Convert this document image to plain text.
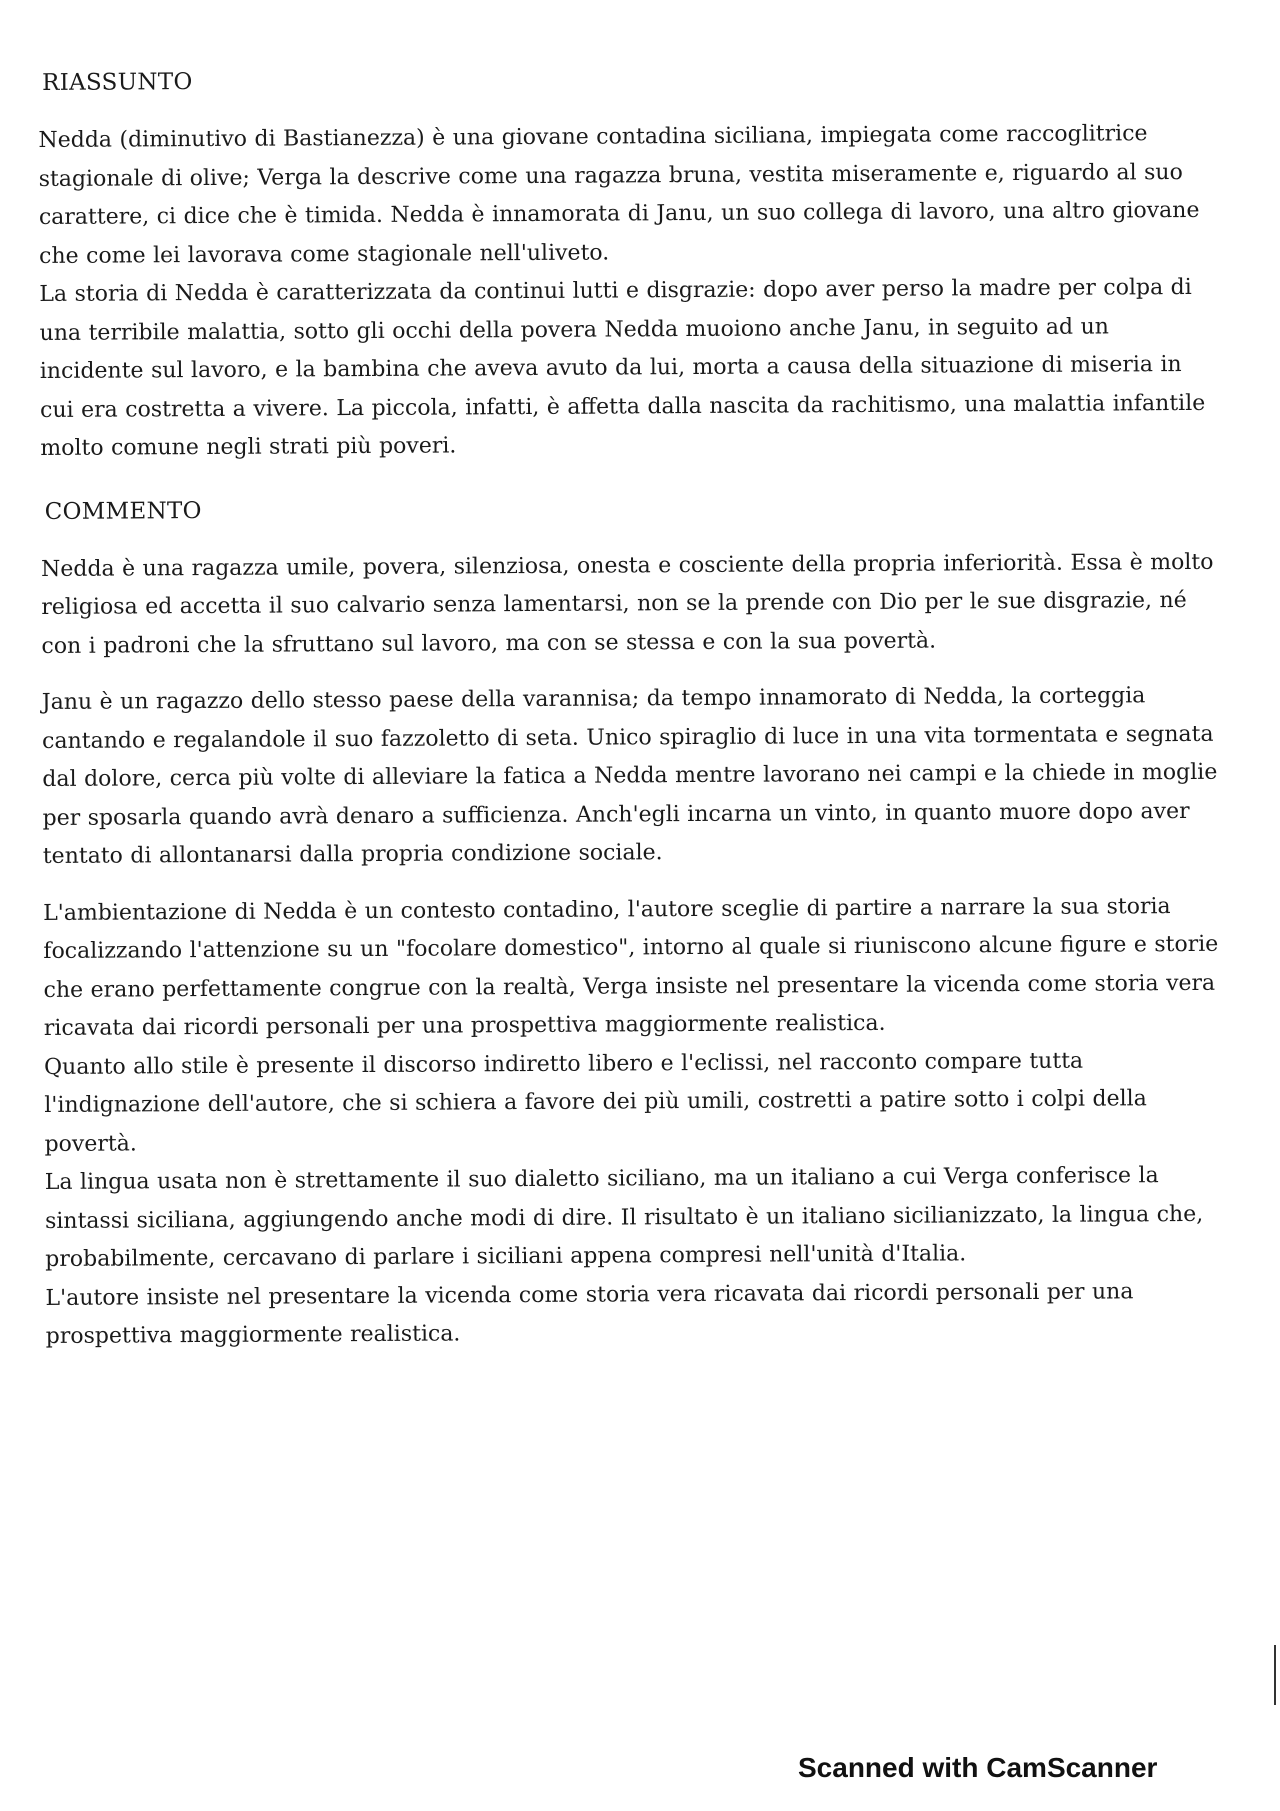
RIASSUNTO

Nedda (diminutivo di Bastianezza) è una giovane contadina siciliana, impiegata come raccoglitrice stagionale di olive; Verga la descrive come una ragazza bruna, vestita miseramente e, riguardo al suo carattere, ci dice che è timida. Nedda è innamorata di Janu, un suo collega di lavoro, una altro giovane che come lei lavorava come stagionale nell'uliveto.

La storia di Nedda è caratterizzata da continui lutti e disgrazie: dopo aver perso la madre per colpa di una terribile malattia, sotto gli occhi della povera Nedda muoiono anche Janu, in seguito ad un incidente sul lavoro, e la bambina che aveva avuto da lui, morta a causa della situazione di miseria in cui era costretta a vivere. La piccola, infatti, è affetta dalla nascita da rachitismo, una malattia infantile molto comune negli strati più poveri.

COMMENTO

Nedda è una ragazza umile, povera, silenziosa, onesta e cosciente della propria inferiorità. Essa è molto religiosa ed accetta il suo calvario senza lamentarsi, non se la prende con Dio per le sue disgrazie, né con i padroni che la sfruttano sul lavoro, ma con se stessa e con la sua povertà.

Janu è un ragazzo dello stesso paese della varannisa; da tempo innamorato di Nedda, la corteggia cantando e regalandole il suo fazzoletto di seta. Unico spiraglio di luce in una vita tormentata e segnata dal dolore, cerca più volte di alleviare la fatica a Nedda mentre lavorano nei campi e la chiede in moglie per sposarla quando avrà denaro a sufficienza. Anch'egli incarna un vinto, in quanto muore dopo aver tentato di allontanarsi dalla propria condizione sociale.

L'ambientazione di Nedda è un contesto contadino, l'autore sceglie di partire a narrare la sua storia focalizzando l'attenzione su un "focolare domestico", intorno al quale si riuniscono alcune figure e storie che erano perfettamente congrue con la realtà, Verga insiste nel presentare la vicenda come storia vera ricavata dai ricordi personali per una prospettiva maggiormente realistica.

Quanto allo stile è presente il discorso indiretto libero e l'eclissi, nel racconto compare tutta l'indignazione dell'autore, che si schiera a favore dei più umili, costretti a patire sotto i colpi della povertà.

La lingua usata non è strettamente il suo dialetto siciliano, ma un italiano a cui Verga conferisce la sintassi siciliana, aggiungendo anche modi di dire. Il risultato è un italiano sicilianizzato, la lingua che, probabilmente, cercavano di parlare i siciliani appena compresi nell'unità d'Italia.

L'autore insiste nel presentare la vicenda come storia vera ricavata dai ricordi personali per una prospettiva maggiormente realistica.

Scanned with CamScanner
